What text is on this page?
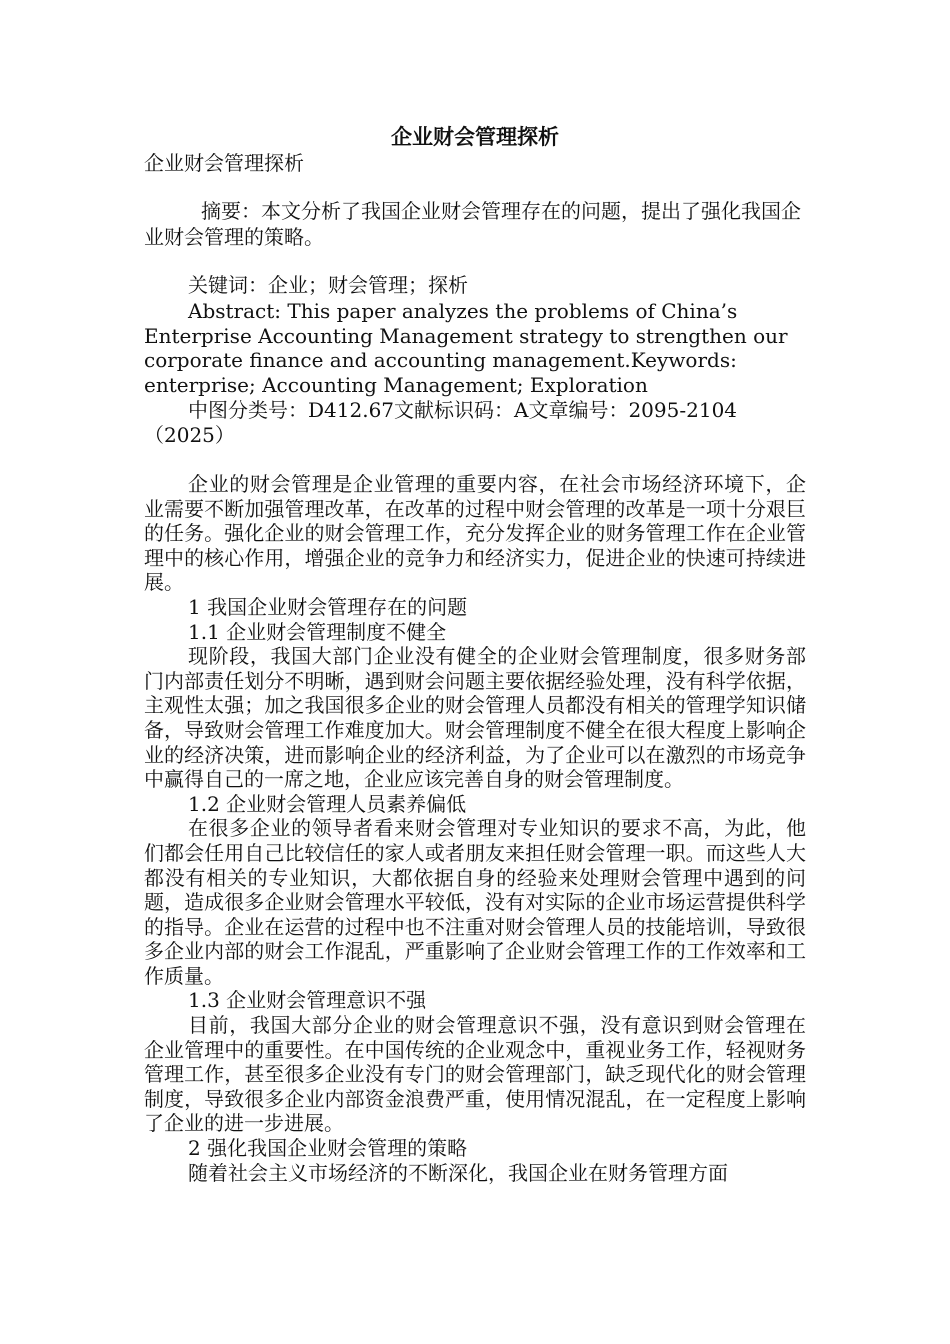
企业财会管理探析
企业财会管理探析
摘要：本文分析了我国企业财会管理存在的问题，提出了强化我国企业财会管理的策略。
关键词：企业；财会管理；探析
Abstract: This paper analyzes the problems of China’s Enterprise Accounting Management strategy to strengthen our corporate finance and accounting management.Keywords: enterprise; Accounting Management; Exploration
中图分类号：D412.67文献标识码：A文章编号：2095-2104（2025）

企业的财会管理是企业管理的重要内容，在社会市场经济环境下，企业需要不断加强管理改革，在改革的过程中财会管理的改革是一项十分艰巨的任务。强化企业的财会管理工作，充分发挥企业的财务管理工作在企业管理中的核心作用，增强企业的竞争力和经济实力，促进企业的快速可持续进展。

1 我国企业财会管理存在的问题

1.1 企业财会管理制度不健全

现阶段，我国大部门企业没有健全的企业财会管理制度，很多财务部门内部责任划分不明晰，遇到财会问题主要依据经验处理，没有科学依据，主观性太强；加之我国很多企业的财会管理人员都没有相关的管理学知识储备，导致财会管理工作难度加大。财会管理制度不健全在很大程度上影响企业的经济决策，进而影响企业的经济利益，为了企业可以在激烈的市场竞争中赢得自己的一席之地，企业应该完善自身的财会管理制度。

1.2 企业财会管理人员素养偏低

在很多企业的领导者看来财会管理对专业知识的要求不高，为此，他们都会任用自己比较信任的家人或者朋友来担任财会管理一职。而这些人大都没有相关的专业知识，大都依据自身的经验来处理财会管理中遇到的问题，造成很多企业财会管理水平较低，没有对实际的企业市场运营提供科学的指导。企业在运营的过程中也不注重对财会管理人员的技能培训，导致很多企业内部的财会工作混乱，严重影响了企业财会管理工作的工作效率和工作质量。

1.3 企业财会管理意识不强

目前，我国大部分企业的财会管理意识不强，没有意识到财会管理在企业管理中的重要性。在中国传统的企业观念中，重视业务工作，轻视财务管理工作，甚至很多企业没有专门的财会管理部门，缺乏现代化的财会管理制度，导致很多企业内部资金浪费严重，使用情况混乱，在一定程度上影响了企业的进一步进展。

2 强化我国企业财会管理的策略

随着社会主义市场经济的不断深化，我国企业在财务管理方面
